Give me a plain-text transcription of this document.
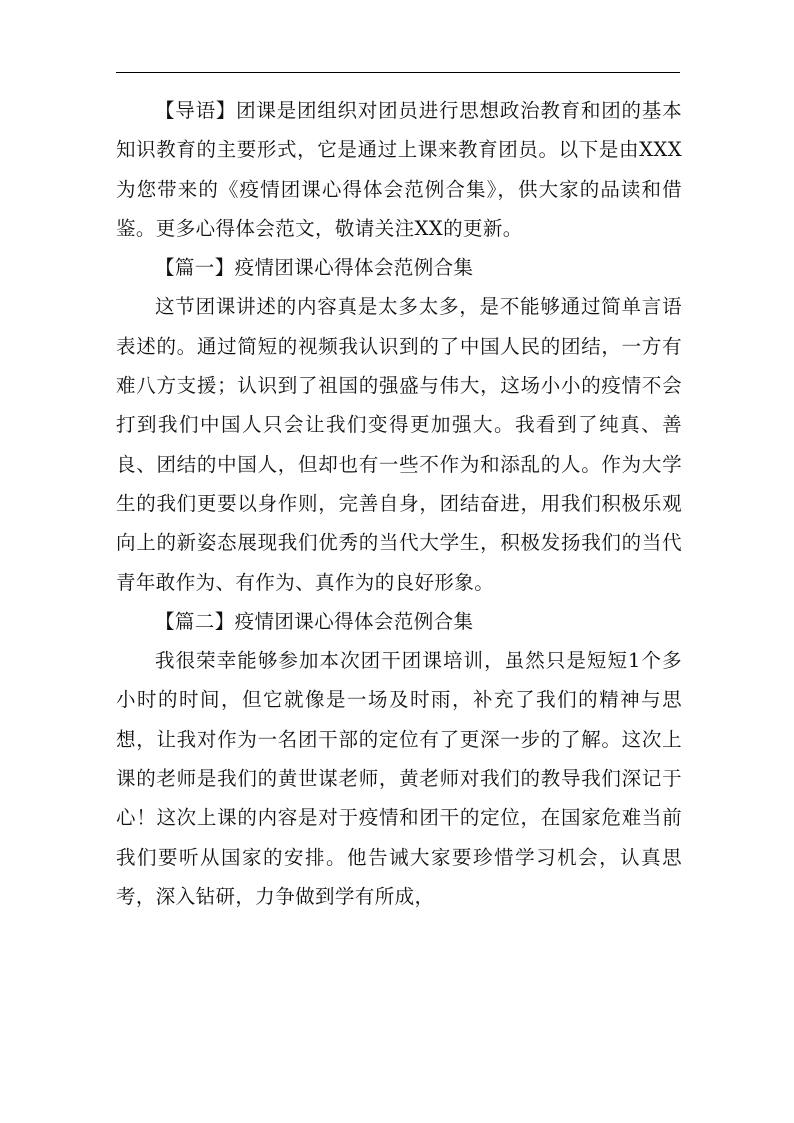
【导语】团课是团组织对团员进行思想政治教育和团的基本知识教育的主要形式，它是通过上课来教育团员。以下是由XXX为您带来的《疫情团课心得体会范例合集》，供大家的品读和借鉴。更多心得体会范文，敬请关注XX的更新。

【篇一】疫情团课心得体会范例合集

这节团课讲述的内容真是太多太多，是不能够通过简单言语表述的。通过简短的视频我认识到的了中国人民的团结，一方有难八方支援；认识到了祖国的强盛与伟大，这场小小的疫情不会打到我们中国人只会让我们变得更加强大。我看到了纯真、善良、团结的中国人，但却也有一些不作为和添乱的人。作为大学生的我们更要以身作则，完善自身，团结奋进，用我们积极乐观向上的新姿态展现我们优秀的当代大学生，积极发扬我们的当代青年敢作为、有作为、真作为的良好形象。

【篇二】疫情团课心得体会范例合集

我很荣幸能够参加本次团干团课培训，虽然只是短短1个多小时的时间，但它就像是一场及时雨，补充了我们的精神与思想，让我对作为一名团干部的定位有了更深一步的了解。这次上课的老师是我们的黄世谋老师，黄老师对我们的教导我们深记于心！这次上课的内容是对于疫情和团干的定位，在国家危难当前我们要听从国家的安排。他告诫大家要珍惜学习机会，认真思考，深入钻研，力争做到学有所成，
